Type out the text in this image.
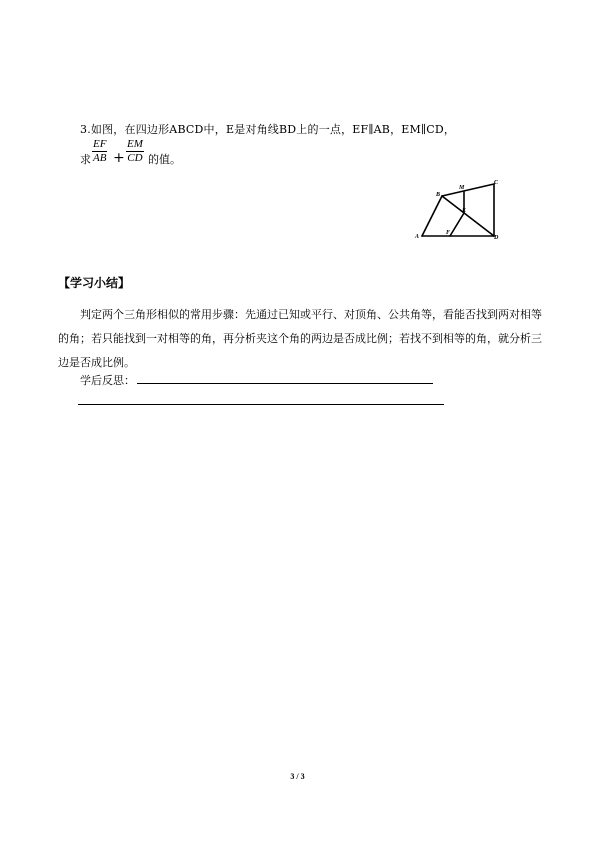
3.如图，在四边形ABCD中，E是对角线BD上的一点，EF∥AB，EM∥CD，
求
EF
AB +
EM
CD 的值。
A
B
C
D
E
F
M
【学习小结】
判定两个三角形相似的常用步骤：先通过已知或平行、对顶角、公共角等，看能否找到两对相等的角；若只能找到一对相等的角，再分析夹这个角的两边是否成比例；若找不到相等的角，就分析三边是否成比例。
学后反思：
3 / 3
